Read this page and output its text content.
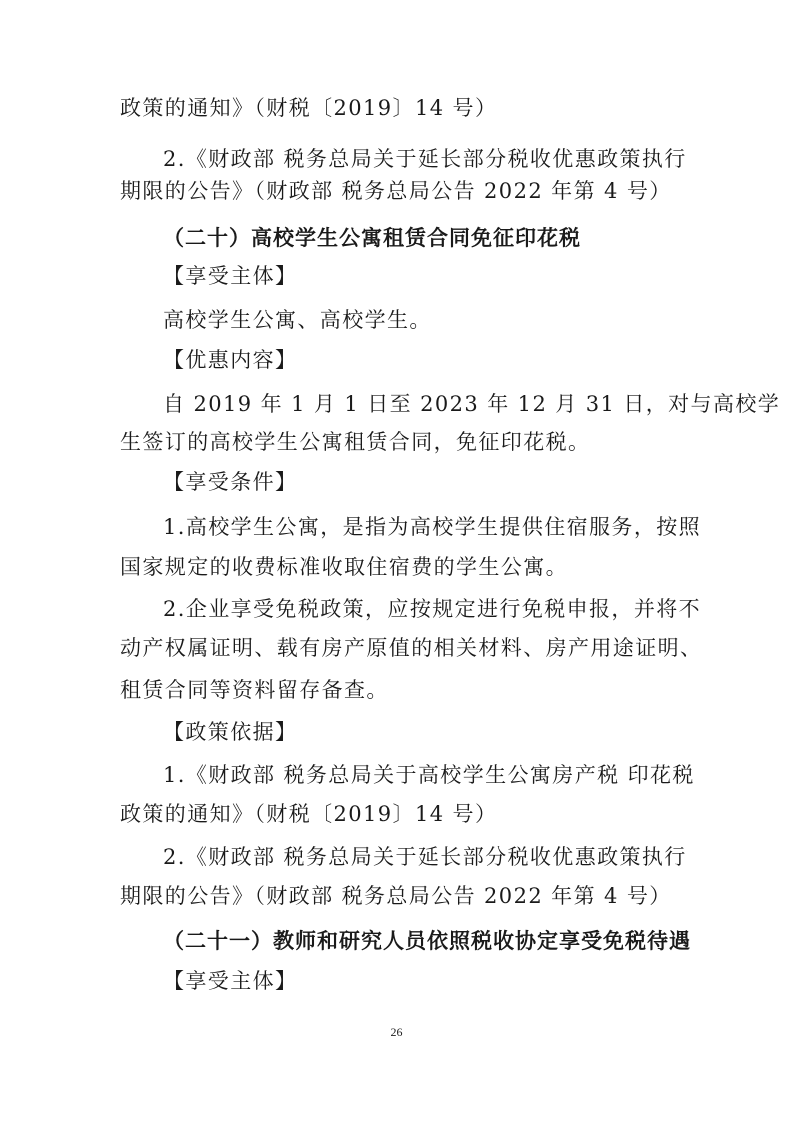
政策的通知》（财税〔2019〕14 号）
2.《财政部 税务总局关于延长部分税收优惠政策执行
期限的公告》（财政部 税务总局公告 2022 年第 4 号）
（二十）高校学生公寓租赁合同免征印花税
【享受主体】
高校学生公寓、高校学生。
【优惠内容】
自 2019 年 1 月 1 日至 2023 年 12 月 31 日，对与高校学
生签订的高校学生公寓租赁合同，免征印花税。
【享受条件】
1.高校学生公寓，是指为高校学生提供住宿服务，按照
国家规定的收费标准收取住宿费的学生公寓。
2.企业享受免税政策，应按规定进行免税申报，并将不
动产权属证明、载有房产原值的相关材料、房产用途证明、
租赁合同等资料留存备查。
【政策依据】
1.《财政部 税务总局关于高校学生公寓房产税 印花税
政策的通知》（财税〔2019〕14 号）
2.《财政部 税务总局关于延长部分税收优惠政策执行
期限的公告》（财政部 税务总局公告 2022 年第 4 号）
（二十一）教师和研究人员依照税收协定享受免税待遇
【享受主体】
26
